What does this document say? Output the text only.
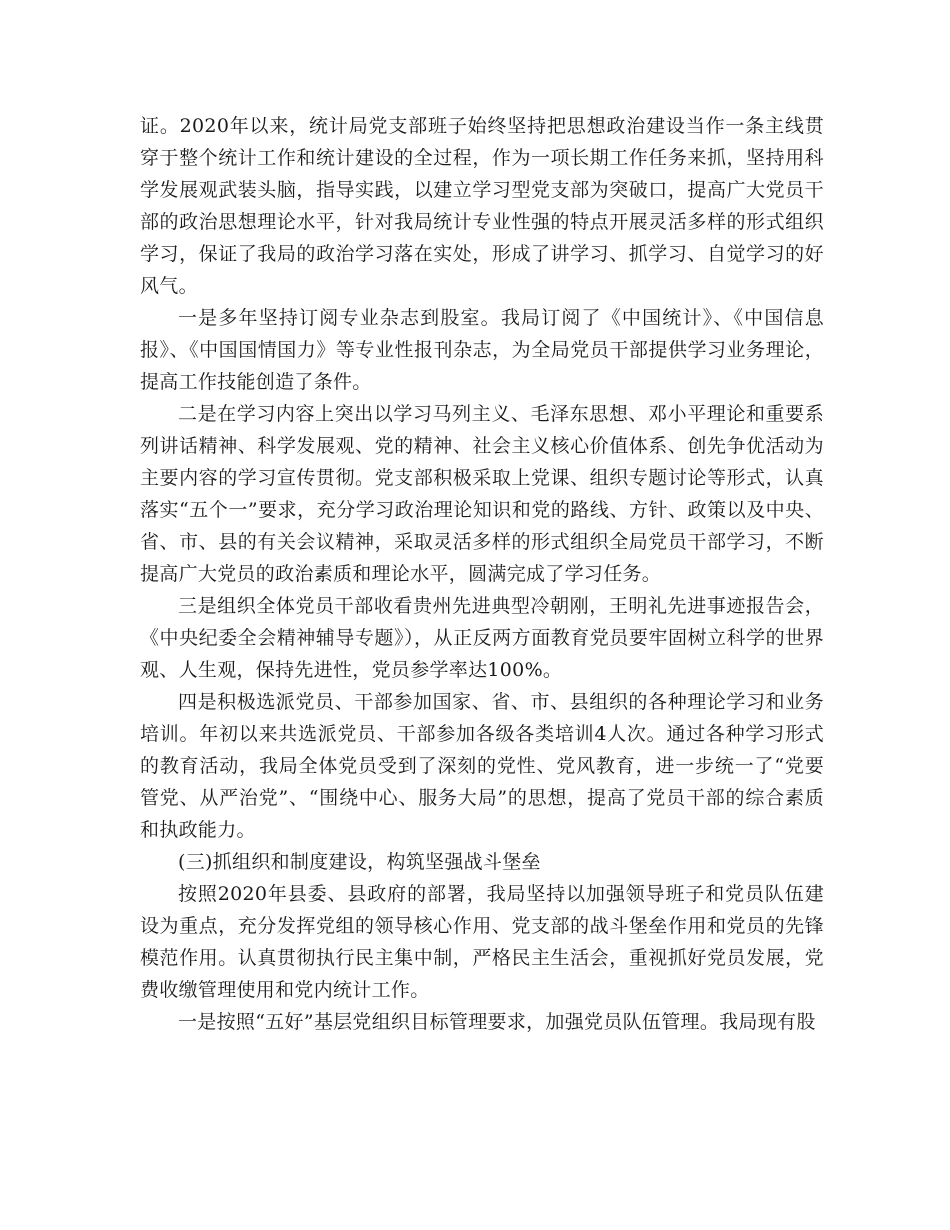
证。2020年以来，统计局党支部班子始终坚持把思想政治建设当作一条主线贯穿于整个统计工作和统计建设的全过程，作为一项长期工作任务来抓，坚持用科学发展观武装头脑，指导实践，以建立学习型党支部为突破口，提高广大党员干部的政治思想理论水平，针对我局统计专业性强的特点开展灵活多样的形式组织学习，保证了我局的政治学习落在实处，形成了讲学习、抓学习、自觉学习的好风气。

一是多年坚持订阅专业杂志到股室。我局订阅了《中国统计》、《中国信息报》、《中国国情国力》等专业性报刊杂志，为全局党员干部提供学习业务理论，提高工作技能创造了条件。

二是在学习内容上突出以学习马列主义、毛泽东思想、邓小平理论和重要系列讲话精神、科学发展观、党的精神、社会主义核心价值体系、创先争优活动为主要内容的学习宣传贯彻。党支部积极采取上党课、组织专题讨论等形式，认真落实“五个一”要求，充分学习政治理论知识和党的路线、方针、政策以及中央、省、市、县的有关会议精神，采取灵活多样的形式组织全局党员干部学习，不断提高广大党员的政治素质和理论水平，圆满完成了学习任务。

三是组织全体党员干部收看贵州先进典型冷朝刚，王明礼先进事迹报告会，《中央纪委全会精神辅导专题》），从正反两方面教育党员要牢固树立科学的世界观、人生观，保持先进性，党员参学率达100%。

四是积极选派党员、干部参加国家、省、市、县组织的各种理论学习和业务培训。年初以来共选派党员、干部参加各级各类培训4人次。通过各种学习形式的教育活动，我局全体党员受到了深刻的党性、党风教育，进一步统一了“党要管党、从严治党”、“围绕中心、服务大局”的思想，提高了党员干部的综合素质和执政能力。

(三)抓组织和制度建设，构筑坚强战斗堡垒

按照2020年县委、县政府的部署，我局坚持以加强领导班子和党员队伍建设为重点，充分发挥党组的领导核心作用、党支部的战斗堡垒作用和党员的先锋模范作用。认真贯彻执行民主集中制，严格民主生活会，重视抓好党员发展，党费收缴管理使用和党内统计工作。

一是按照“五好”基层党组织目标管理要求，加强党员队伍管理。我局现有股
